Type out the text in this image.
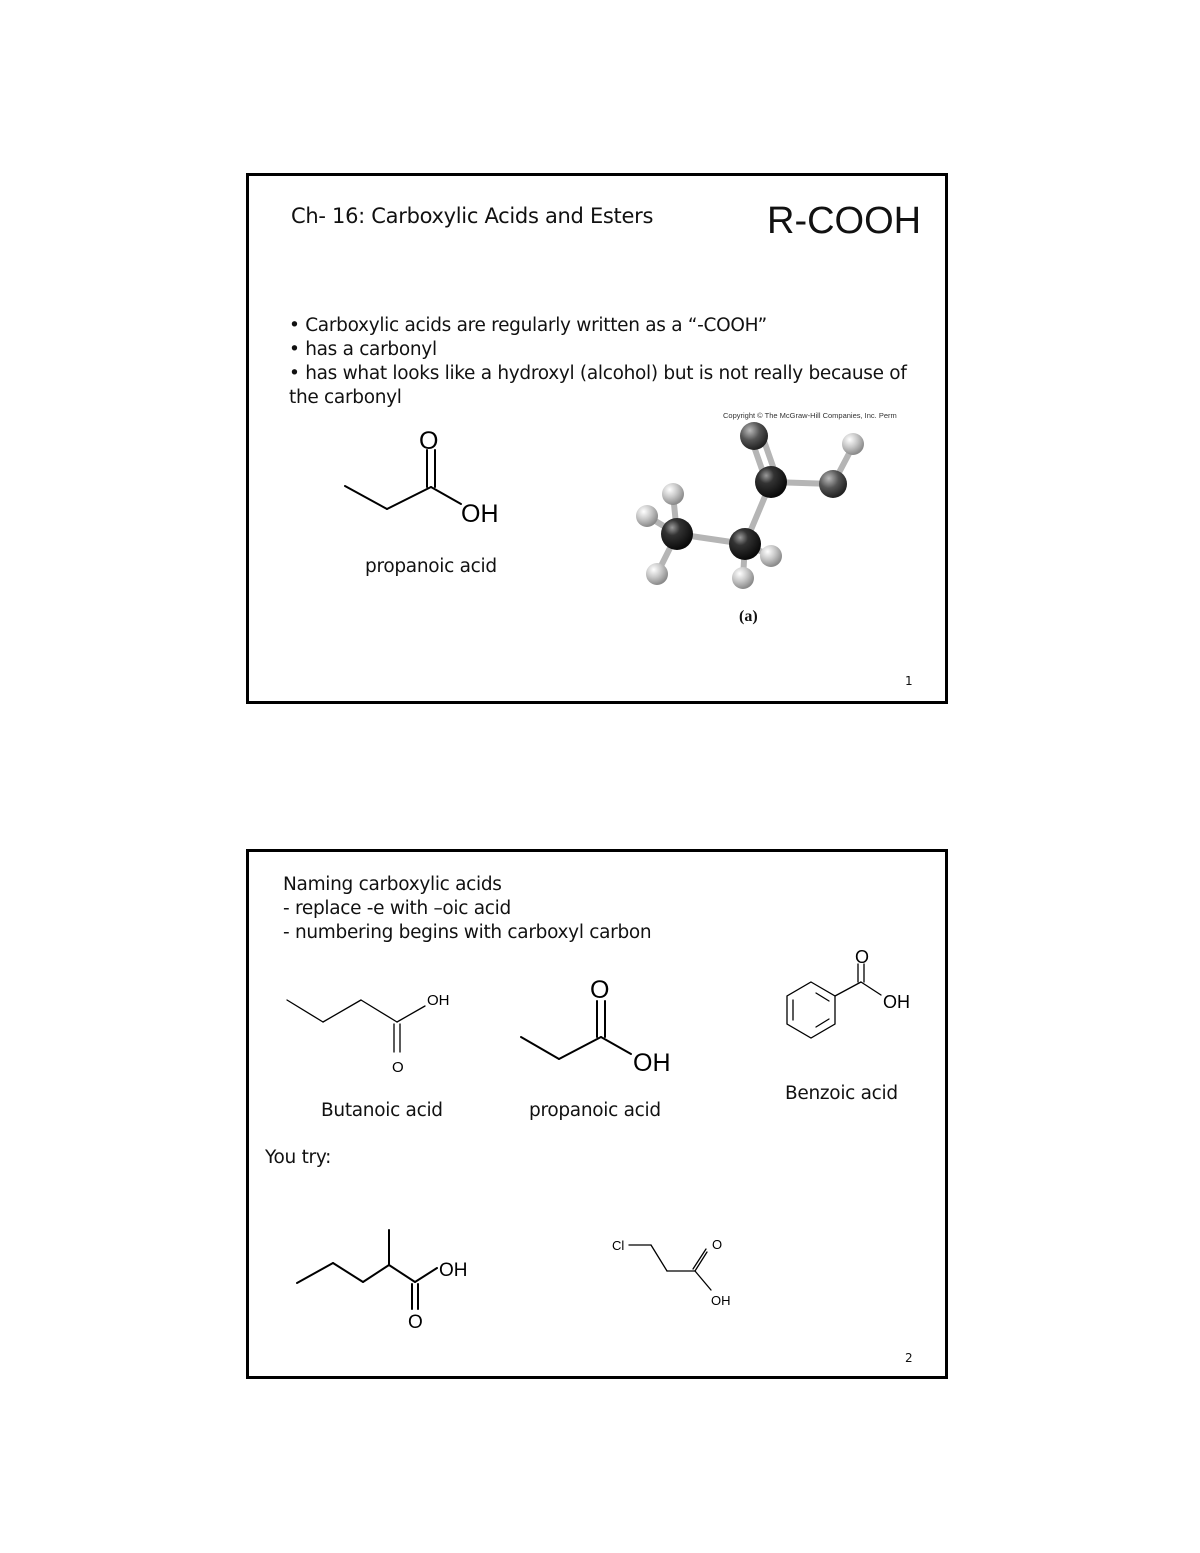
Ch- 16: Carboxylic Acids and Esters	R-COOH
• Carboxylic acids are regularly written as a “-COOH”
• has a carbonyl
• has what looks like a hydroxyl (alcohol) but is not really because of
the carbonyl
O
OH
propanoic acid
Copyright © The McGraw-Hill Companies, Inc. Perm
(a)
1
Naming carboxylic acids
- replace -e with –oic acid
- numbering begins with carboxyl carbon
OH
O
Butanoic acid
O
OH
propanoic acid
O
OH
Benzoic acid
You try:
OH
O
Cl	O
OH
2
